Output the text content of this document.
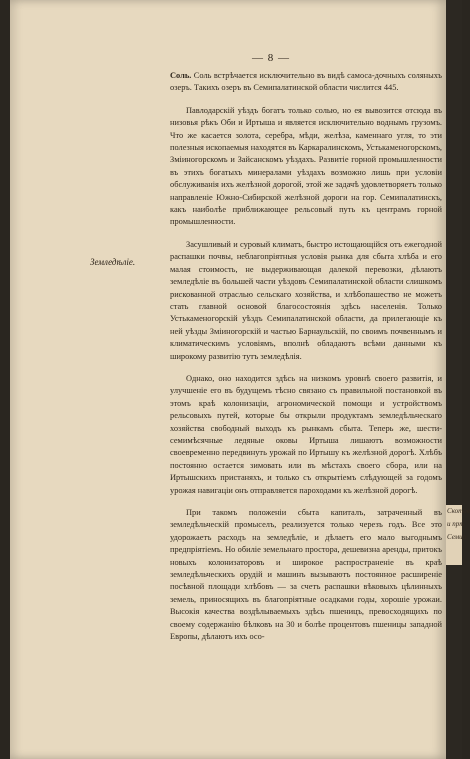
— 8 —
Земледѣліе.

Соль. Соль встрѣчается исключительно въ видѣ самоса-дочныхъ соляныхъ озеръ. Такихъ озеръ въ Семипалатинской области числится 445.

Павлодарскій уѣздъ богатъ только солью, но ея вывозится отсюда въ низовья рѣкъ Оби и Иртыша и является исключительно воднымъ грузомъ. Что же касается золота, серебра, мѣди, желѣза, каменнаго угля, то эти полезныя ископаемыя находятся въ Каркаралинскомъ, Устькаменогорскомъ, Зміиногорскомъ и Зайсанскомъ уѣздахъ. Развитіе горной промышленности въ этихъ богатыхъ минералами уѣздахъ возможно лишь при условіи обслуживанія ихъ желѣзной дорогой, этой же задачѣ удовлетворяетъ только направленіе Южно-Сибирской желѣзной дороги на гор. Семипалатинскъ, какъ наиболѣе приближающее рельсовый путь къ центрамъ горной промышленности.

Засушливый и суровый климатъ, быстро истощающійся отъ ежегодной распашки почвы, неблагопріятныя условія рынка для сбыта хлѣба и его малая стоимость, не выдерживающая далекой перевозки, дѣлаютъ земледѣліе въ большей части уѣздовъ Семипалатинской области слишкомъ рискованной отраслью сельскаго хозяйства, и хлѣбопашество не можетъ стать главной основой благосостоянія здѣсь населенія. Только Устькаменогорскій уѣздъ Семипалатинской области, да прилегающіе къ ней уѣзды Зміиногорскій и частью Барнаульскій, по своимъ почвеннымъ и климатическимъ условіямъ, вполнѣ обладаютъ всѣми данными къ широкому развитію тутъ земледѣлія.

Однако, оно находится здѣсь на низкомъ уровнѣ своего развитія, и улучшеніе его въ будущемъ тѣсно связано съ правильной постановкой въ этомъ краѣ колонизаціи, агрономической помощи и устройствомъ рельсовыхъ путей, которые бы открыли продуктамъ земледѣльческаго хозяйства свободный выходъ къ рынкамъ сбыта. Теперь же, шести-семимѣсячные ледяные оковы Иртыша лишаютъ возможности своевременно передвинуть урожай по Иртышу къ желѣзной дорогѣ. Хлѣбъ постоянно остается зимовать или въ мѣстахъ своего сбора, или на Иртышскихъ пристаняхъ, и только съ открытіемъ слѣдующей за годомъ урожая навигаціи онъ отправляется пароходами къ желѣзной дорогѣ.

При такомъ положеніи сбыта капиталъ, затраченный въ земледѣльческій промыселъ, реализуется только черезъ годъ. Все это удорожаетъ расходъ на земледѣліе, и дѣлаетъ его мало выгоднымъ предпріятіемъ. Но обиліе земельнаго простора, дешевизна аренды, притокъ новыхъ колонизаторовъ и широкое распространеніе въ краѣ земледѣльческихъ орудій и машинъ вызываютъ постоянное расширеніе посѣвной площади хлѣбовъ — за счетъ распашки вѣковыхъ цѣлинныхъ земель, приносящихъ въ благопріятные осадками годы, хорошіе урожаи. Высокія качества воздѣлываемыхъ здѣсь пшеницъ, превосходящихъ по своему содержанію бѣлковъ на 30 и болѣе процентовъ пшеницы западной Европы, дѣлаютъ ихъ осо-

Скотов
и прѣ
Семип
